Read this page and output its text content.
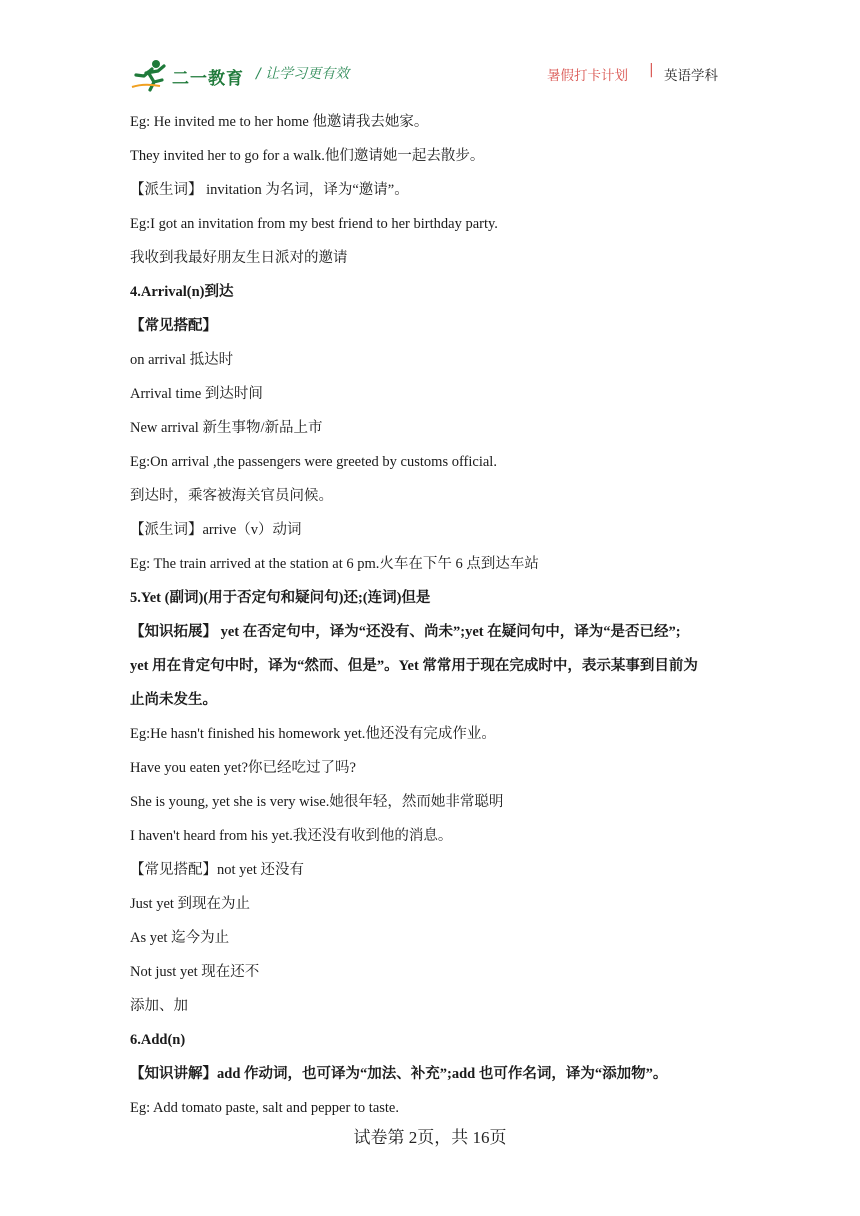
二一教育 / 让学习更有效	暑假打卡计划 | 英语学科
Eg: He invited me to her home 他邀请我去她家。
They invited her to go for a walk.他们邀请她一起去散步。
【派生词】 invitation 为名词，译为“邀请”。
Eg:I got an invitation from my best friend to her birthday party.
我收到我最好朋友生日派对的邀请
4.Arrival(n)到达
【常见搭配】
on arrival 抵达时
Arrival time 到达时间
New arrival 新生事物/新品上市
Eg:On arrival ,the passengers were greeted by customs official.
到达时，乘客被海关官员问候。
【派生词】arrive（v）动词
Eg: The train arrived at the station at 6 pm.火车在下午 6 点到达车站
5.Yet (副词)(用于否定句和疑问句)还;(连词)但是
【知识拓展】 yet 在否定句中，译为“还没有、尚未”;yet 在疑问句中，译为“是否已经”;
yet 用在肯定句中时，译为“然而、但是”。Yet 常常用于现在完成时中，表示某事到目前为
止尚未发生。
Eg:He hasn't finished his homework yet.他还没有完成作业。
Have you eaten yet?你已经吃过了吗?
She is young, yet she is very wise.她很年轻，然而她非常聪明
I haven't heard from his yet.我还没有收到他的消息。
【常见搭配】not yet 还没有
Just yet 到现在为止
As yet 迄今为止
Not just yet 现在还不
添加、加
6.Add(n)
【知识讲解】add 作动词，也可译为“加法、补充”;add 也可作名词，译为“添加物”。
Eg: Add tomato paste, salt and pepper to taste.
试卷第 2页，共 16页
